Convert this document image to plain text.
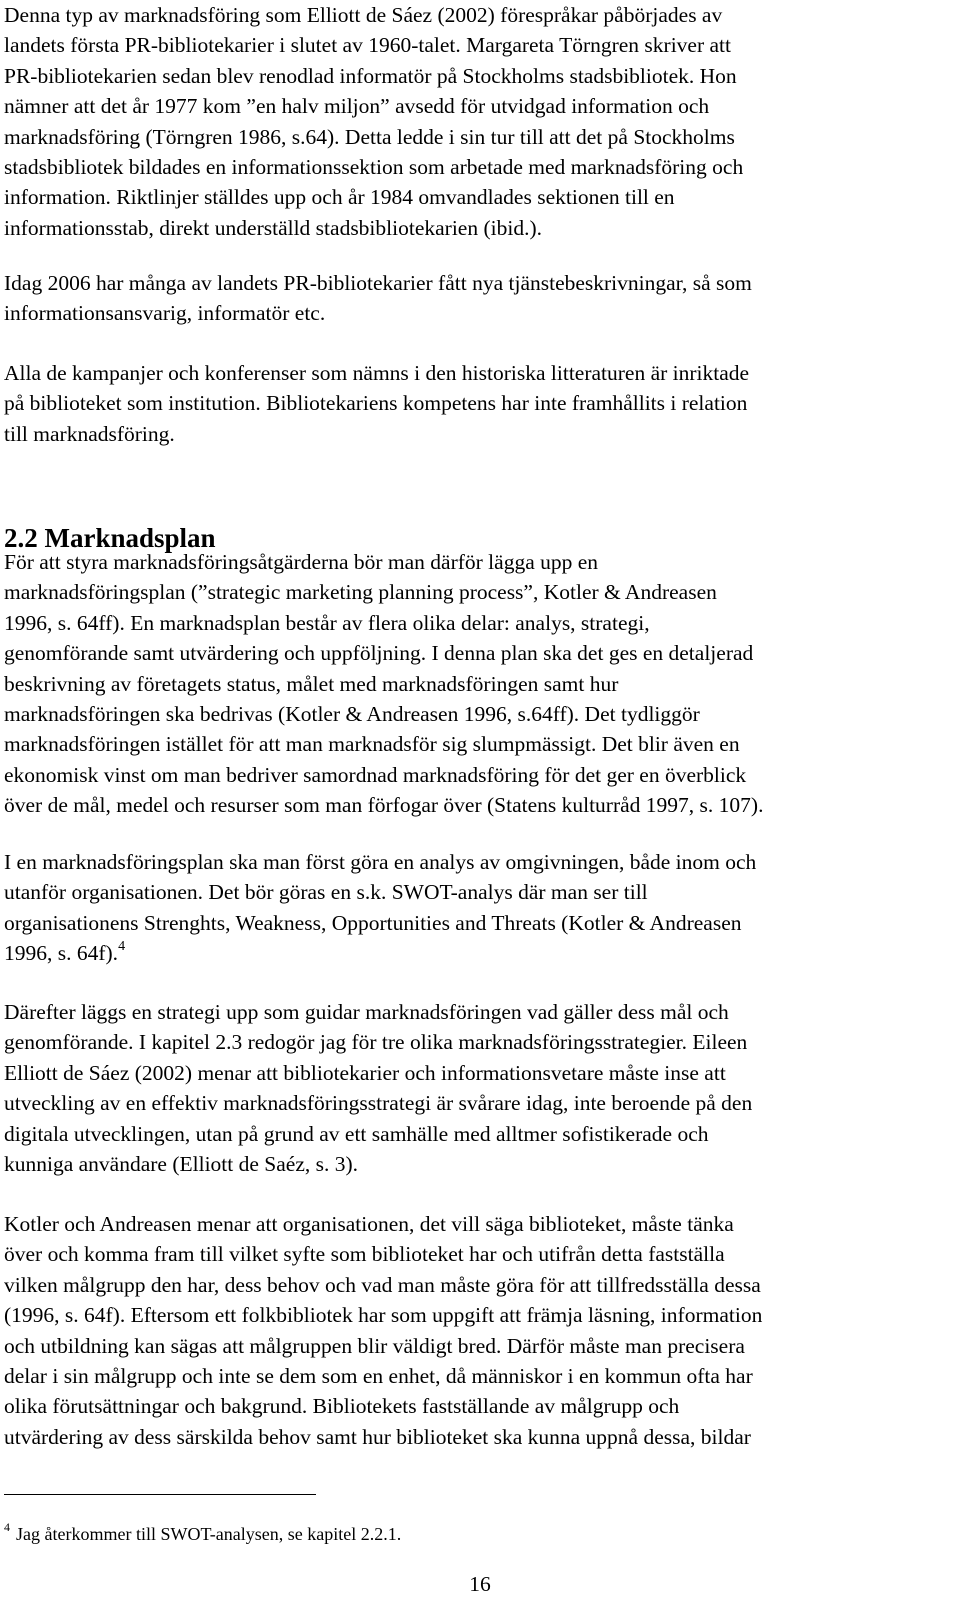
Denna typ av marknadsföring som Elliott de Sáez (2002) förespråkar påbörjades av
landets första PR-bibliotekarier i slutet av 1960-talet. Margareta Törngren skriver att
PR-bibliotekarien sedan blev renodlad informatör på Stockholms stadsbibliotek. Hon
nämner att det år 1977 kom ”en halv miljon” avsedd för utvidgad information och
marknadsföring (Törngren 1986, s.64). Detta ledde i sin tur till att det på Stockholms
stadsbibliotek bildades en informationssektion som arbetade med marknadsföring och
information. Riktlinjer ställdes upp och år 1984 omvandlades sektionen till en
informationsstab, direkt underställd stadsbibliotekarien (ibid.).

Idag 2006 har många av landets PR-bibliotekarier fått nya tjänstebeskrivningar, så som
informationsansvarig, informatör etc.

Alla de kampanjer och konferenser som nämns i den historiska litteraturen är inriktade
på biblioteket som institution. Bibliotekariens kompetens har inte framhållits i relation
till marknadsföring.

2.2 Marknadsplan

För att styra marknadsföringsåtgärderna bör man därför lägga upp en
marknadsföringsplan (”strategic marketing planning process”, Kotler & Andreasen
1996, s. 64ff). En marknadsplan består av flera olika delar: analys, strategi,
genomförande samt utvärdering och uppföljning. I denna plan ska det ges en detaljerad
beskrivning av företagets status, målet med marknadsföringen samt hur
marknadsföringen ska bedrivas (Kotler & Andreasen 1996, s.64ff). Det tydliggör
marknadsföringen istället för att man marknadsför sig slumpmässigt. Det blir även en
ekonomisk vinst om man bedriver samordnad marknadsföring för det ger en överblick
över de mål, medel och resurser som man förfogar över (Statens kulturråd 1997, s. 107).

I en marknadsföringsplan ska man först göra en analys av omgivningen, både inom och
utanför organisationen. Det bör göras en s.k. SWOT-analys där man ser till
organisationens Strenghts, Weakness, Opportunities and Threats (Kotler & Andreasen
1996, s. 64f).$^4$

Därefter läggs en strategi upp som guidar marknadsföringen vad gäller dess mål och
genomförande. I kapitel 2.3 redogör jag för tre olika marknadsföringsstrategier. Eileen
Elliott de Sáez (2002) menar att bibliotekarier och informationsvetare måste inse att
utveckling av en effektiv marknadsföringsstrategi är svårare idag, inte beroende på den
digitala utvecklingen, utan på grund av ett samhälle med alltmer sofistikerade och
kunniga användare (Elliott de Saéz, s. 3).

Kotler och Andreasen menar att organisationen, det vill säga biblioteket, måste tänka
över och komma fram till vilket syfte som biblioteket har och utifrån detta fastställa
vilken målgrupp den har, dess behov och vad man måste göra för att tillfredsställa dessa
(1996, s. 64f). Eftersom ett folkbibliotek har som uppgift att främja läsning, information
och utbildning kan sägas att målgruppen blir väldigt bred. Därför måste man precisera
delar i sin målgrupp och inte se dem som en enhet, då människor i en kommun ofta har
olika förutsättningar och bakgrund. Bibliotekets fastställande av målgrupp och
utvärdering av dess särskilda behov samt hur biblioteket ska kunna uppnå dessa, bildar

$^4$ Jag återkommer till SWOT-analysen, se kapitel 2.2.1.
16
